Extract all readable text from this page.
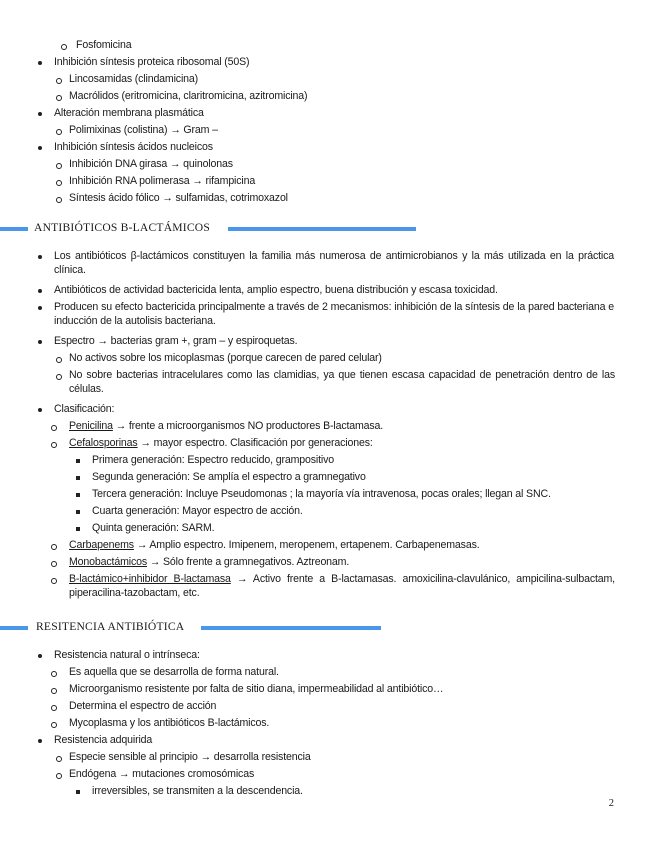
Fosfomicina
Inhibición síntesis proteica ribosomal (50S)
Lincosamidas (clindamicina)
Macrólidos (eritromicina, claritromicina, azitromicina)
Alteración membrana plasmática
Polimixinas (colistina) → Gram –
Inhibición síntesis ácidos nucleicos
Inhibición DNA girasa → quinolonas
Inhibición RNA polimerasa → rifampicina
Síntesis ácido fólico → sulfamidas, cotrimoxazol
ANTIBIÓTICOS B-LACTÁMICOS
Los antibióticos β-lactámicos constituyen la familia más numerosa de antimicrobianos y la más utilizada en la práctica clínica.
Antibióticos de actividad bactericida lenta, amplio espectro, buena distribución y escasa toxicidad.
Producen su efecto bactericida principalmente a través de 2 mecanismos: inhibición de la síntesis de la pared bacteriana e inducción de la autolisis bacteriana.
Espectro → bacterias gram +, gram – y espiroquetas.
No activos sobre los micoplasmas (porque carecen de pared celular)
No sobre bacterias intracelulares como las clamidias, ya que tienen escasa capacidad de penetración dentro de las células.
Clasificación:
Penicilina → frente a microorganismos NO productores B-lactamasa.
Cefalosporinas → mayor espectro. Clasificación por generaciones:
Primera generación: Espectro reducido, grampositivo
Segunda generación: Se amplía el espectro a gramnegativo
Tercera generación: Incluye Pseudomonas ; la mayoría vía intravenosa, pocas orales; llegan al SNC.
Cuarta generación: Mayor espectro de acción.
Quinta generación: SARM.
Carbapenems → Amplio espectro. Imipenem, meropenem, ertapenem. Carbapenemasas.
Monobactámicos → Sólo frente a gramnegativos. Aztreonam.
B-lactámico+inhibidor B-lactamasa → Activo frente a B-lactamasas. amoxicilina-clavulánico, ampicilina-sulbactam, piperacilina-tazobactam, etc.
RESITENCIA ANTIBIÓTICA
Resistencia natural o intrínseca:
Es aquella que se desarrolla de forma natural.
Microorganismo resistente por falta de sitio diana, impermeabilidad al antibiótico…
Determina el espectro de acción
Mycoplasma y los antibióticos B-lactámicos.
Resistencia adquirida
Especie sensible al principio → desarrolla resistencia
Endógena → mutaciones cromosómicas
irreversibles, se transmiten a la descendencia.
2
